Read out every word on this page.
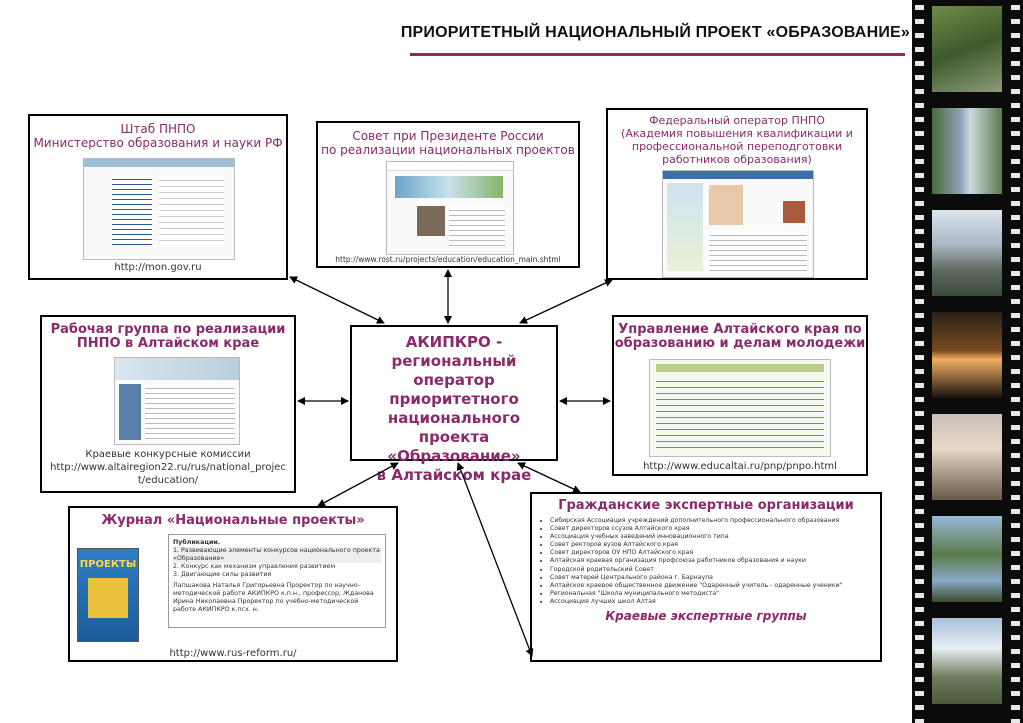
ПРИОРИТЕТНЫЙ НАЦИОНАЛЬНЫЙ ПРОЕКТ «ОБРАЗОВАНИЕ»
Штаб ПНПО
Министерство образования и науки РФ
http://mon.gov.ru
Совет при Президенте России
по реализации национальных проектов
http://www.rost.ru/projects/education/education_main.shtml
Федеральный оператор ПНПО
(Академия повышения квалификации и
профессиональной переподготовки
работников образования)
Рабочая группа по реализации
ПНПО в Алтайском крае
Краевые конкурсные комиссии
http://www.altairegion22.ru/rus/national_projec
t/education/
АКИПКРО -
региональный оператор
приоритетного
национального
проекта «Образование»
в Алтайском крае
Управление Алтайского края по
образованию и делам молодежи
http://www.educaltai.ru/pnp/pnpo.html
Журнал «Национальные проекты»
ПРОЕКТЫ
Публикации.
1. Развивающие элементы конкурсов национального проекта «Образование»
2. Конкурс как механизм управления развитием
3. Двигающие силы развития
Лапшакова Наталья Григорьевна Проректор по научно-методической работе АКИПКРО к.п.н., профессор; Жданова Ирина Николаевна Проректор по учебно-методической работе АКИПКРО к.псх. н.
http://www.rus-reform.ru/
Гражданские экспертные организации
• Сибирская Ассоциация учреждений дополнительного профессионального образования
• Совет директоров ссузов Алтайского края
• Ассоциация учебных заведений инновационного типа
• Совет ректоров вузов Алтайского края
• Совет директоров ОУ НПО Алтайского края
• Алтайская краевая организация профсоюза работников образования и науки
• Городской родительский Совет
• Совет матерей Центрального района г. Барнаула
• Алтайское краевое общественное движение "Одаренный учитель - одаренные ученики"
• Региональная "Школа муниципального методиста"
• Ассоциация лучших школ Алтая
Краевые экспертные группы
